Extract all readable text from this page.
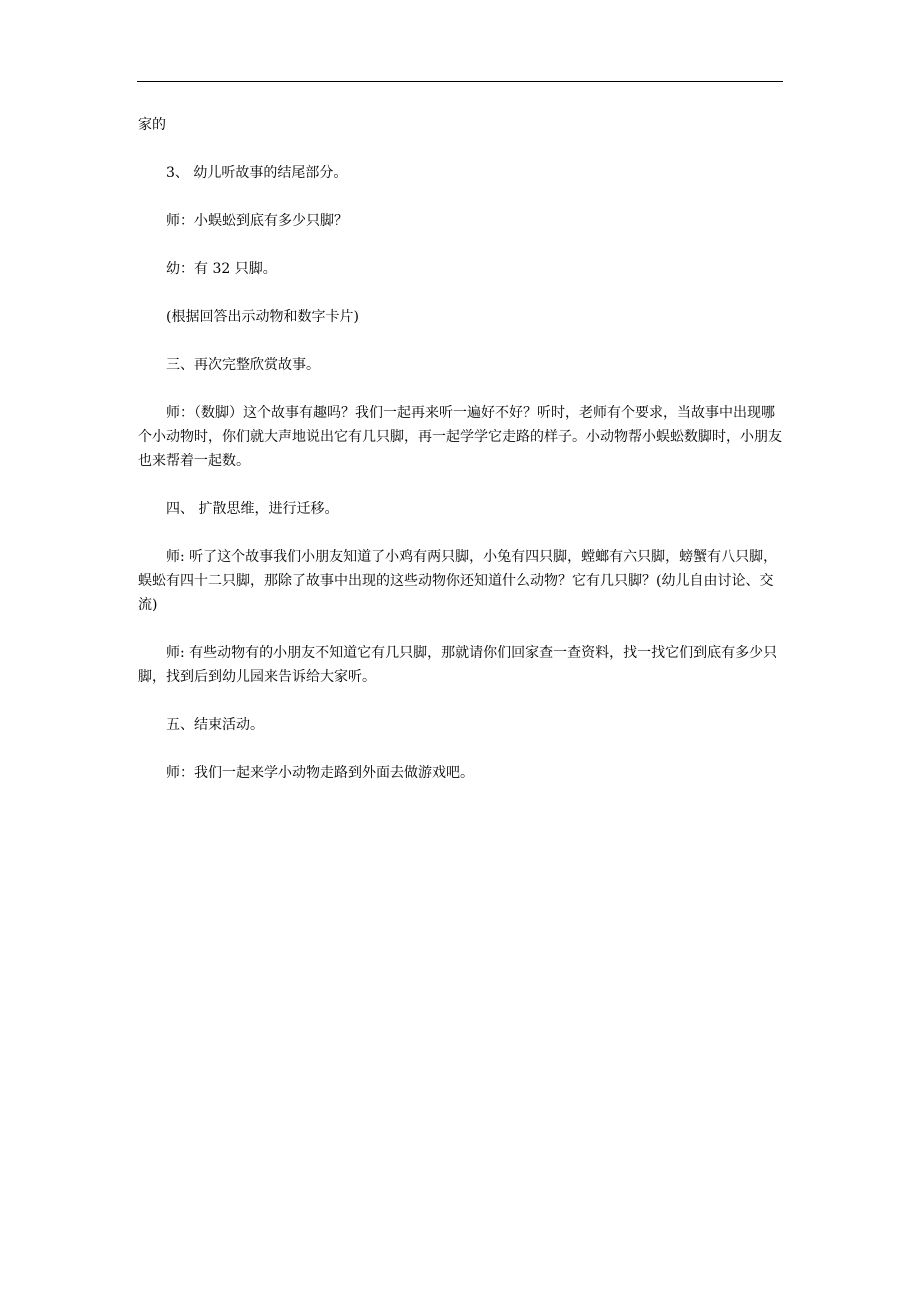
家的

3、 幼儿听故事的结尾部分。

师：小蜈蚣到底有多少只脚？

幼：有 32 只脚。

(根据回答出示动物和数字卡片)

三、再次完整欣赏故事。

师：（数脚）这个故事有趣吗？我们一起再来听一遍好不好？听时，老师有个要求，当故事中出现哪个小动物时，你们就大声地说出它有几只脚，再一起学学它走路的样子。小动物帮小蜈蚣数脚时，小朋友也来帮着一起数。

四、 扩散思维，进行迁移。

师: 听了这个故事我们小朋友知道了小鸡有两只脚，小兔有四只脚，螳螂有六只脚，螃蟹有八只脚，蜈蚣有四十二只脚，那除了故事中出现的这些动物你还知道什么动物？它有几只脚？(幼儿自由讨论、交流)

师: 有些动物有的小朋友不知道它有几只脚，那就请你们回家查一查资料，找一找它们到底有多少只脚，找到后到幼儿园来告诉给大家听。

五、结束活动。

师：我们一起来学小动物走路到外面去做游戏吧。
